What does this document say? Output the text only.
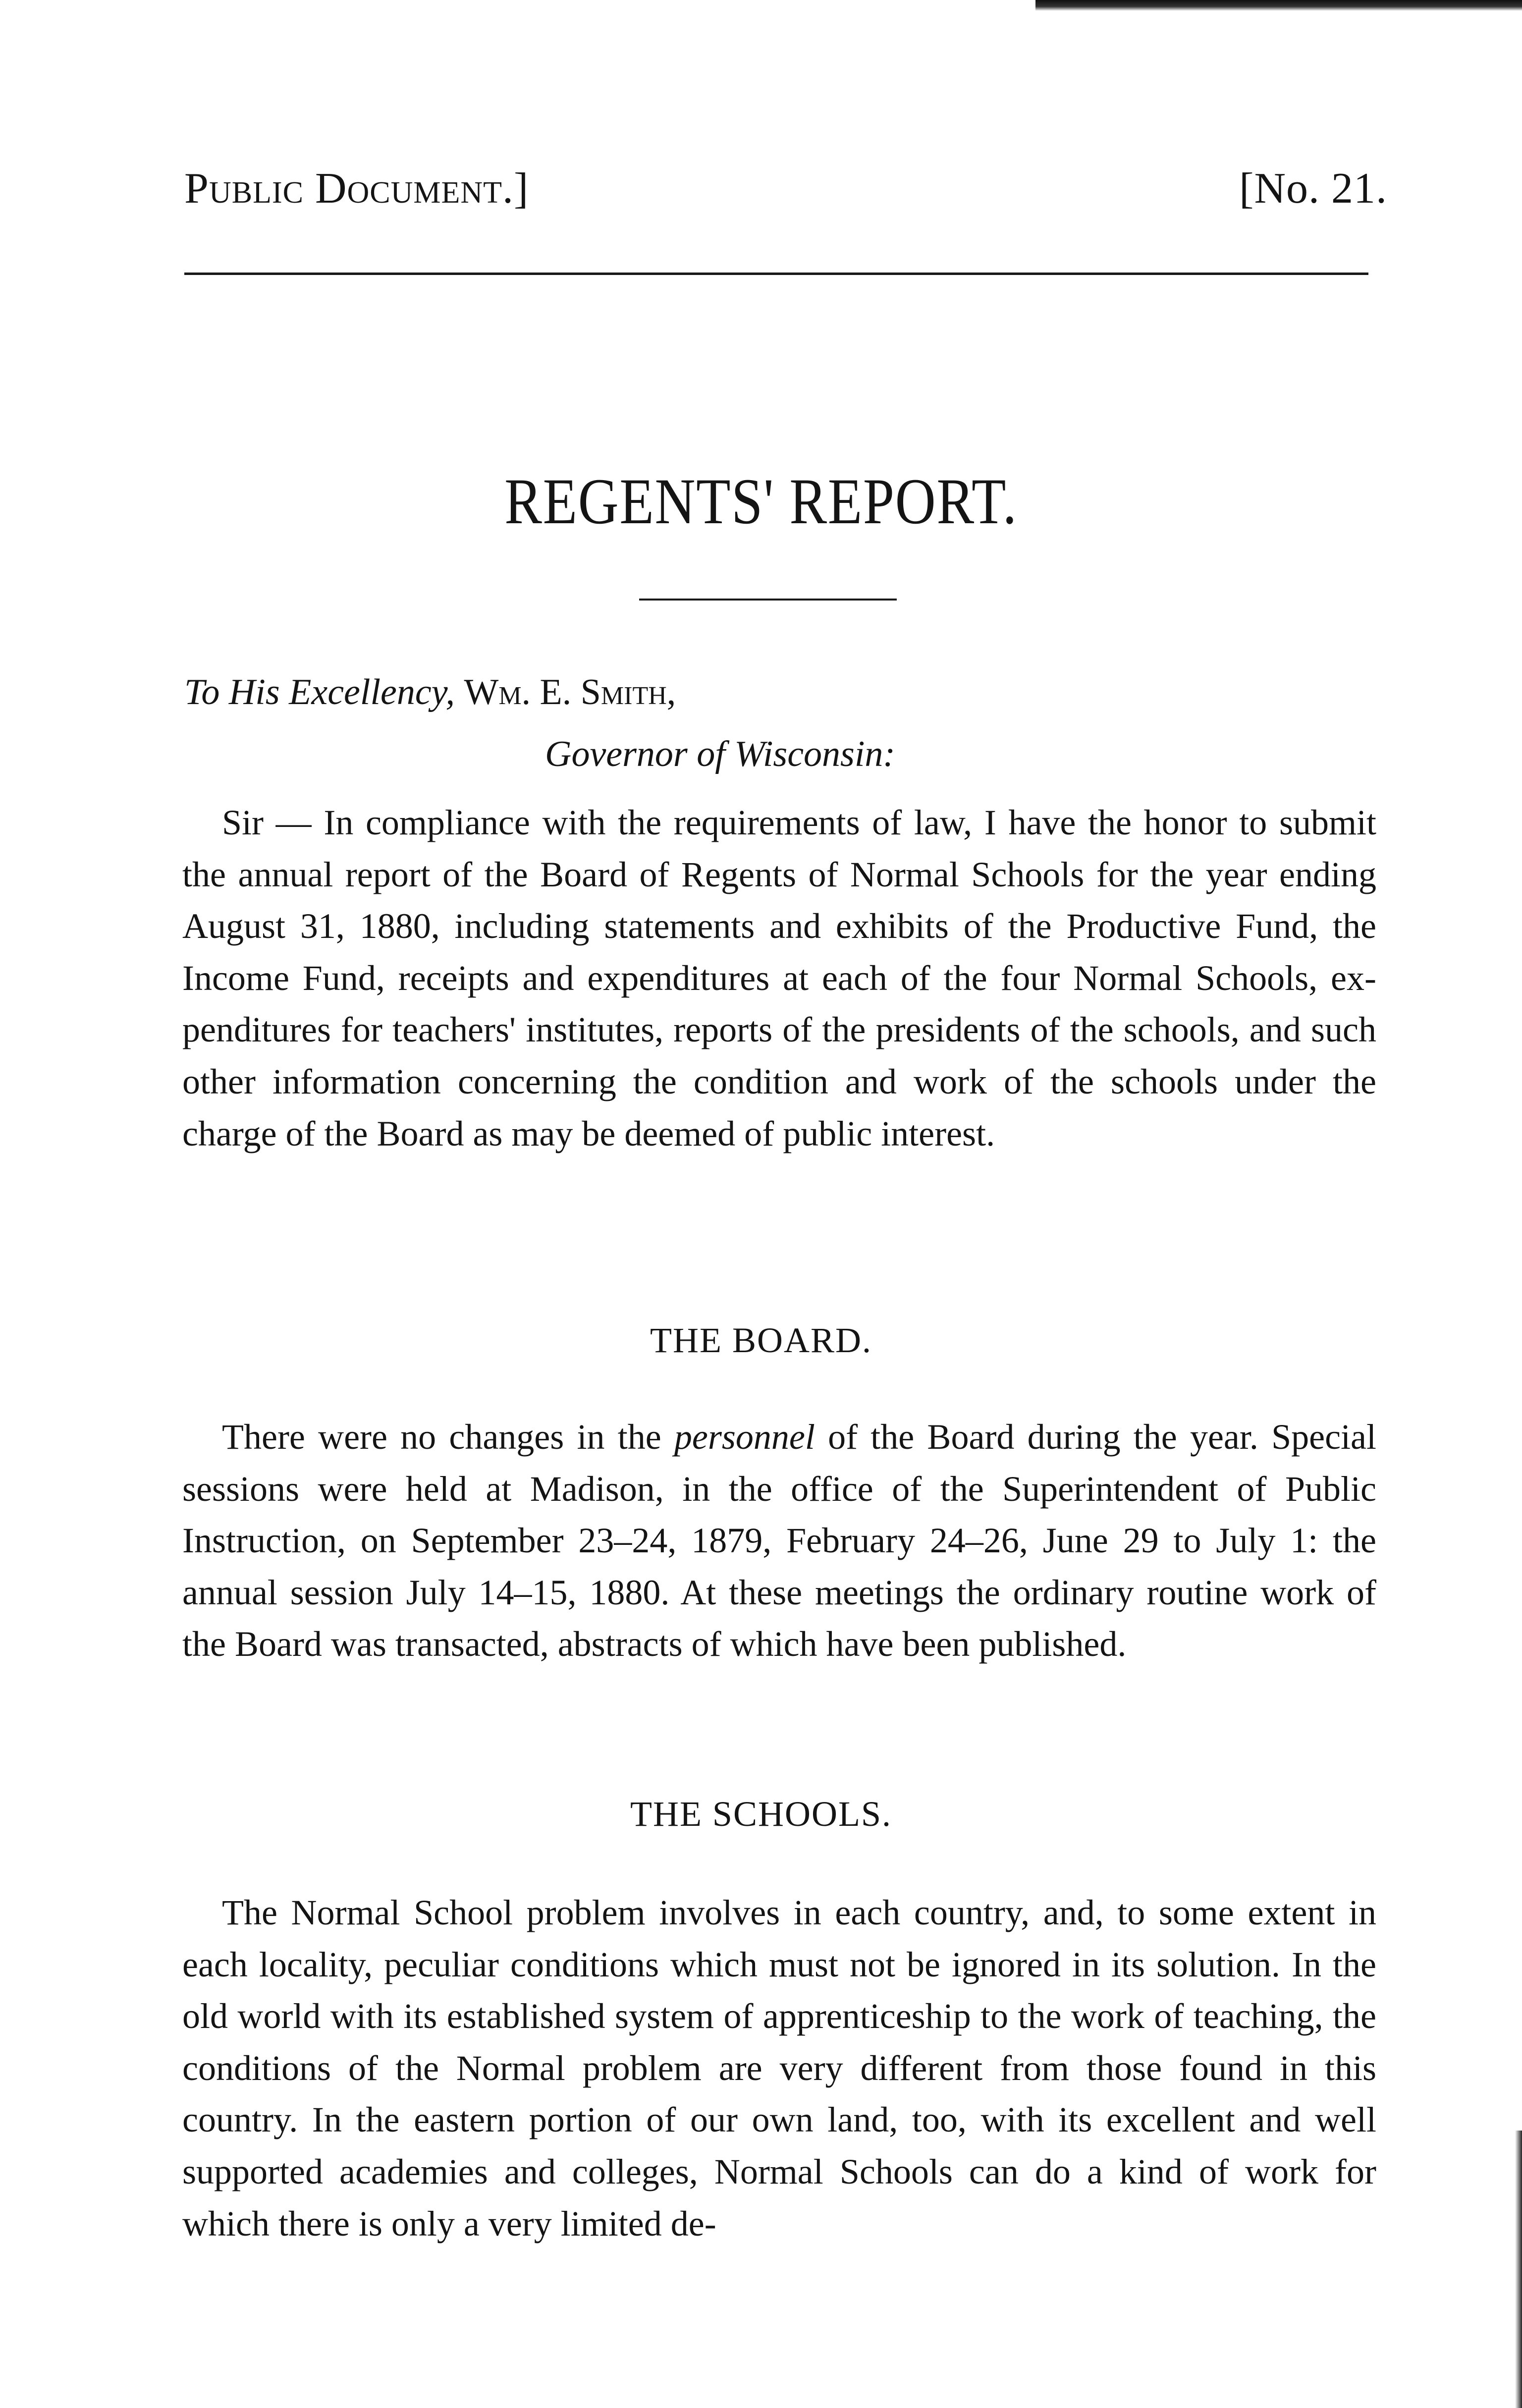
Public Document.]	[No. 21.
REGENTS' REPORT.
To His Excellency, Wm. E. Smith,
Governor of Wisconsin:

Sir — In compliance with the requirements of law, I have the honor to submit the annual report of the Board of Regents of Normal Schools for the year ending August 31, 1880, including statements and exhibits of the Productive Fund, the Income Fund, receipts and expenditures at each of the four Normal Schools, expenditures for teachers' institutes, reports of the presidents of the schools, and such other information concerning the condition and work of the schools under the charge of the Board as may be deemed of public interest.

THE BOARD.

There were no changes in the personnel of the Board during the year. Special sessions were held at Madison, in the office of the Superintendent of Public Instruction, on September 23–24, 1879, February 24–26, June 29 to July 1: the annual session July 14–15, 1880. At these meetings the ordinary routine work of the Board was transacted, abstracts of which have been published.

THE SCHOOLS.

The Normal School problem involves in each country, and, to some extent in each locality, peculiar conditions which must not be ignored in its solution. In the old world with its established system of apprenticeship to the work of teaching, the conditions of the Normal problem are very different from those found in this country. In the eastern portion of our own land, too, with its excellent and well supported academies and colleges, Normal Schools can do a kind of work for which there is only a very limited de-
